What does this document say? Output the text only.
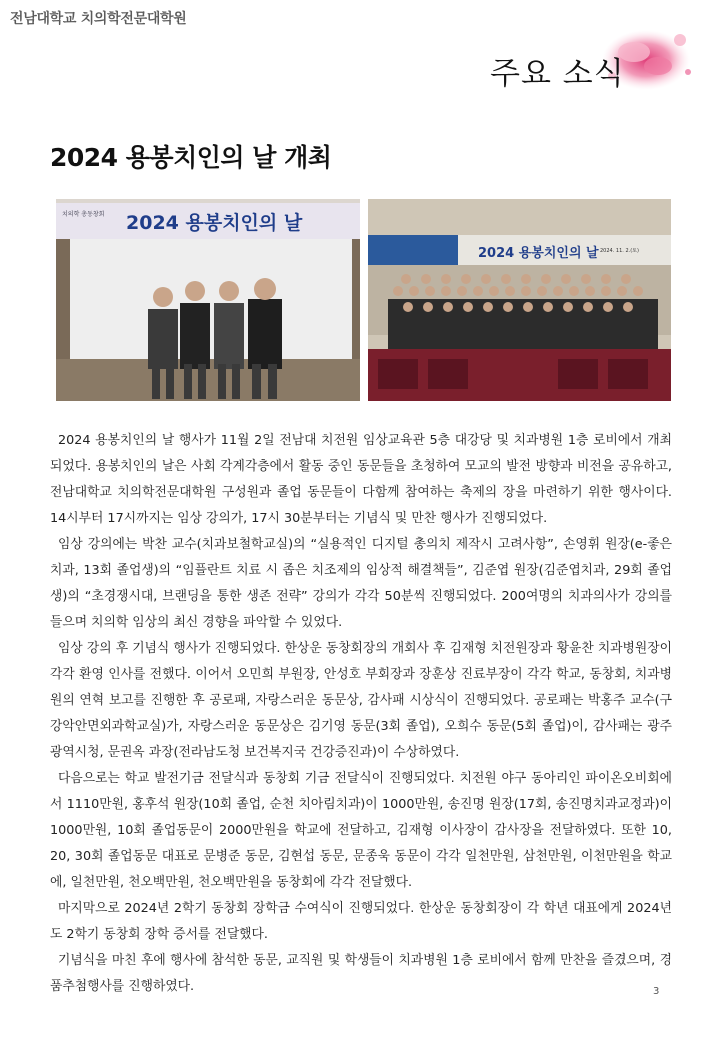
전남대학교 치의학전문대학원
주요 소식
2024 용봉치인의 날 개최
치의학 총동창회 2024 용봉치인의 날
2024 용봉치인의 날 2024. 11. 2.(토)

2024 용봉치인의 날 행사가 11월 2일 전남대 치전원 임상교육관 5층 대강당 및 치과병원 1층 로비에서 개최되었다. 용봉치인의 날은 사회 각계각층에서 활동 중인 동문들을 초청하여 모교의 발전 방향과 비전을 공유하고, 전남대학교 치의학전문대학원 구성원과 졸업 동문들이 다함께 참여하는 축제의 장을 마련하기 위한 행사이다. 14시부터 17시까지는 임상 강의가, 17시 30분부터는 기념식 및 만찬 행사가 진행되었다.

임상 강의에는 박찬 교수(치과보철학교실)의 “실용적인 디지털 총의치 제작시 고려사항”, 손영휘 원장(e-좋은치과, 13회 졸업생)의 “임플란트 치료 시 좁은 치조제의 임상적 해결책들”, 김준엽 원장(김준엽치과, 29회 졸업생)의 “초경쟁시대, 브랜딩을 통한 생존 전략” 강의가 각각 50분씩 진행되었다. 200여명의 치과의사가 강의를 들으며 치의학 임상의 최신 경향을 파악할 수 있었다.

임상 강의 후 기념식 행사가 진행되었다. 한상운 동창회장의 개회사 후 김재형 치전원장과 황윤찬 치과병원장이 각각 환영 인사를 전했다. 이어서 오민희 부원장, 안성호 부회장과 장훈상 진료부장이 각각 학교, 동창회, 치과병원의 연혁 보고를 진행한 후 공로패, 자랑스러운 동문상, 감사패 시상식이 진행되었다. 공로패는 박홍주 교수(구강악안면외과학교실)가, 자랑스러운 동문상은 김기영 동문(3회 졸업), 오희수 동문(5회 졸업)이, 감사패는 광주광역시청, 문권옥 과장(전라남도청 보건복지국 건강증진과)이 수상하였다.

다음으로는 학교 발전기금 전달식과 동창회 기금 전달식이 진행되었다. 치전원 야구 동아리인 파이온오비회에서 1110만원, 홍후석 원장(10회 졸업, 순천 치아림치과)이 1000만원, 송진명 원장(17회, 송진명치과교정과)이 1000만원, 10회 졸업동문이 2000만원을 학교에 전달하고, 김재형 이사장이 감사장을 전달하였다. 또한 10, 20, 30회 졸업동문 대표로 문병준 동문, 김현섭 동문, 문종욱 동문이 각각 일천만원, 삼천만원, 이천만원을 학교에, 일천만원, 천오백만원, 천오백만원을 동창회에 각각 전달했다.

마지막으로 2024년 2학기 동창회 장학금 수여식이 진행되었다. 한상운 동창회장이 각 학년 대표에게 2024년도 2학기 동창회 장학 증서를 전달했다.

기념식을 마친 후에 행사에 참석한 동문, 교직원 및 학생들이 치과병원 1층 로비에서 함께 만찬을 즐겼으며, 경품추첨행사를 진행하였다.	3
